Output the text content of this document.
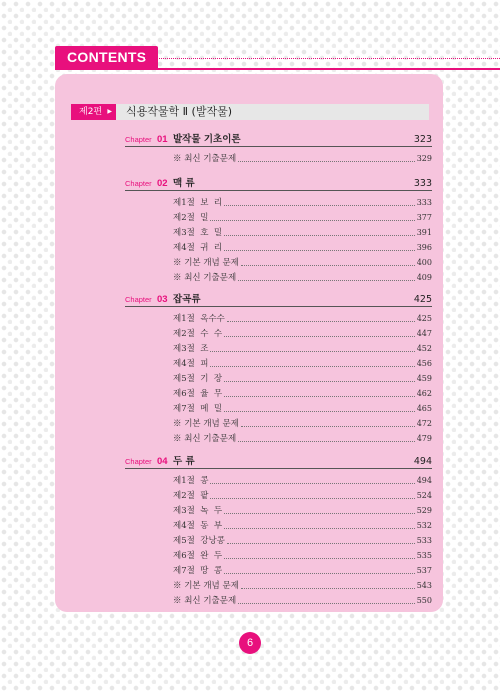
CONTENTS
제2편 ▶ 식용작물학 Ⅱ (발작물)
Chapter 01 발작물 기초이론	323
※ 최신 기출문제	329
Chapter 02 맥 류	333
제1절  보  리	333
제2절  밀	377
제3절  호  밀	391
제4절  귀  리	396
※ 기본 개념 문제	400
※ 최신 기출문제	409
Chapter 03 잡곡류	425
제1절  옥수수	425
제2절  수  수	447
제3절  조	452
제4절  피	456
제5절  기  장	459
제6절  율  무	462
제7절  메  밀	465
※ 기본 개념 문제	472
※ 최신 기출문제	479
Chapter 04 두 류	494
제1절  콩	494
제2절  팥	524
제3절  녹  두	529
제4절  동  부	532
제5절  강낭콩	533
제6절  완  두	535
제7절  땅  콩	537
※ 기본 개념 문제	543
※ 최신 기출문제	550
6
